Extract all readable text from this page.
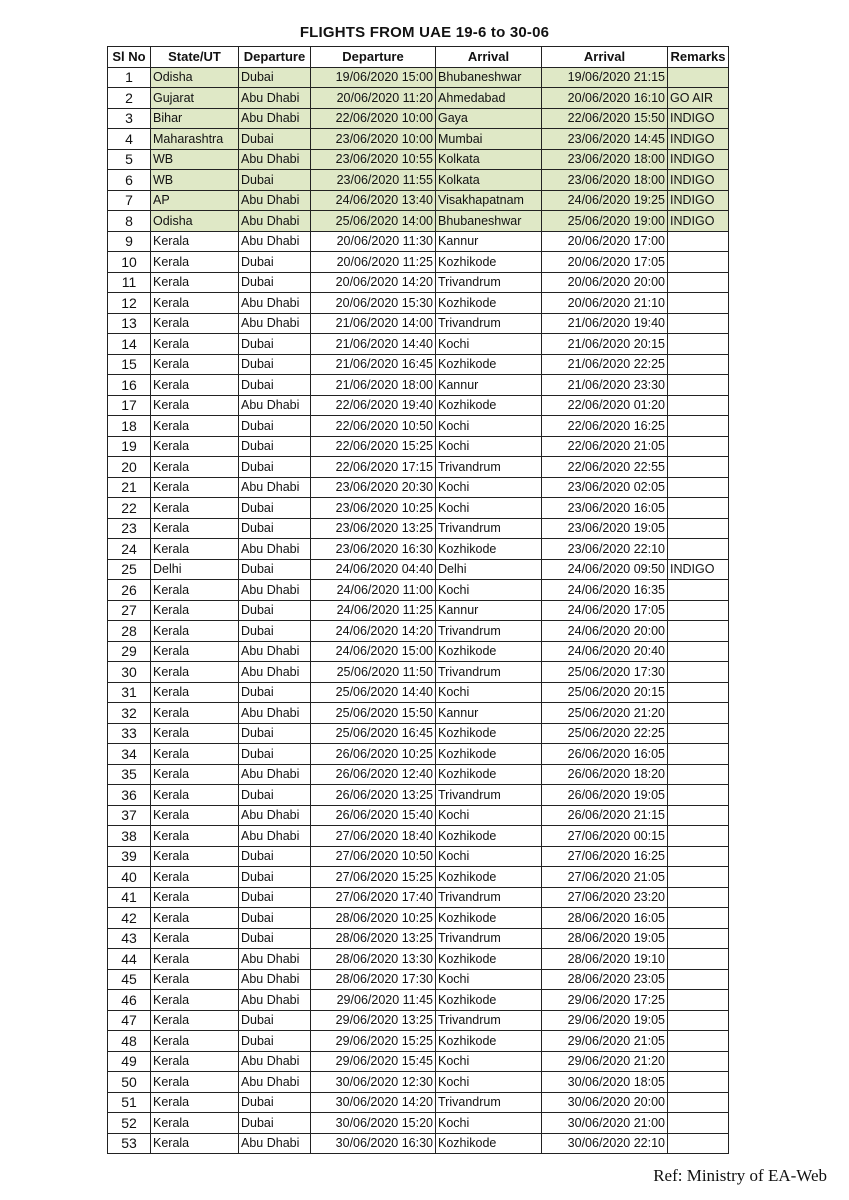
FLIGHTS FROM UAE 19-6 to 30-06
Sl No	State/UT	Departure	Departure	Arrival	Arrival	Remarks
1	Odisha	Dubai	19/06/2020 15:00	Bhubaneshwar	19/06/2020 21:15	
2	Gujarat	Abu Dhabi	20/06/2020 11:20	Ahmedabad	20/06/2020 16:10	GO AIR
3	Bihar	Abu Dhabi	22/06/2020 10:00	Gaya	22/06/2020 15:50	INDIGO
4	Maharashtra	Dubai	23/06/2020 10:00	Mumbai	23/06/2020 14:45	INDIGO
5	WB	Abu Dhabi	23/06/2020 10:55	Kolkata	23/06/2020 18:00	INDIGO
6	WB	Dubai	23/06/2020 11:55	Kolkata	23/06/2020 18:00	INDIGO
7	AP	Abu Dhabi	24/06/2020 13:40	Visakhapatnam	24/06/2020 19:25	INDIGO
8	Odisha	Abu Dhabi	25/06/2020 14:00	Bhubaneshwar	25/06/2020 19:00	INDIGO
9	Kerala	Abu Dhabi	20/06/2020 11:30	Kannur	20/06/2020 17:00	
10	Kerala	Dubai	20/06/2020 11:25	Kozhikode	20/06/2020 17:05	
11	Kerala	Dubai	20/06/2020 14:20	Trivandrum	20/06/2020 20:00	
12	Kerala	Abu Dhabi	20/06/2020 15:30	Kozhikode	20/06/2020 21:10	
13	Kerala	Abu Dhabi	21/06/2020 14:00	Trivandrum	21/06/2020 19:40	
14	Kerala	Dubai	21/06/2020 14:40	Kochi	21/06/2020 20:15	
15	Kerala	Dubai	21/06/2020 16:45	Kozhikode	21/06/2020 22:25	
16	Kerala	Dubai	21/06/2020 18:00	Kannur	21/06/2020 23:30	
17	Kerala	Abu Dhabi	22/06/2020 19:40	Kozhikode	22/06/2020 01:20	
18	Kerala	Dubai	22/06/2020 10:50	Kochi	22/06/2020 16:25	
19	Kerala	Dubai	22/06/2020 15:25	Kochi	22/06/2020 21:05	
20	Kerala	Dubai	22/06/2020 17:15	Trivandrum	22/06/2020 22:55	
21	Kerala	Abu Dhabi	23/06/2020 20:30	Kochi	23/06/2020 02:05	
22	Kerala	Dubai	23/06/2020 10:25	Kochi	23/06/2020 16:05	
23	Kerala	Dubai	23/06/2020 13:25	Trivandrum	23/06/2020 19:05	
24	Kerala	Abu Dhabi	23/06/2020 16:30	Kozhikode	23/06/2020 22:10	
25	Delhi	Dubai	24/06/2020 04:40	Delhi	24/06/2020 09:50	INDIGO
26	Kerala	Abu Dhabi	24/06/2020 11:00	Kochi	24/06/2020 16:35	
27	Kerala	Dubai	24/06/2020 11:25	Kannur	24/06/2020 17:05	
28	Kerala	Dubai	24/06/2020 14:20	Trivandrum	24/06/2020 20:00	
29	Kerala	Abu Dhabi	24/06/2020 15:00	Kozhikode	24/06/2020 20:40	
30	Kerala	Abu Dhabi	25/06/2020 11:50	Trivandrum	25/06/2020 17:30	
31	Kerala	Dubai	25/06/2020 14:40	Kochi	25/06/2020 20:15	
32	Kerala	Abu Dhabi	25/06/2020 15:50	Kannur	25/06/2020 21:20	
33	Kerala	Dubai	25/06/2020 16:45	Kozhikode	25/06/2020 22:25	
34	Kerala	Dubai	26/06/2020 10:25	Kozhikode	26/06/2020 16:05	
35	Kerala	Abu Dhabi	26/06/2020 12:40	Kozhikode	26/06/2020 18:20	
36	Kerala	Dubai	26/06/2020 13:25	Trivandrum	26/06/2020 19:05	
37	Kerala	Abu Dhabi	26/06/2020 15:40	Kochi	26/06/2020 21:15	
38	Kerala	Abu Dhabi	27/06/2020 18:40	Kozhikode	27/06/2020 00:15	
39	Kerala	Dubai	27/06/2020 10:50	Kochi	27/06/2020 16:25	
40	Kerala	Dubai	27/06/2020 15:25	Kozhikode	27/06/2020 21:05	
41	Kerala	Dubai	27/06/2020 17:40	Trivandrum	27/06/2020 23:20	
42	Kerala	Dubai	28/06/2020 10:25	Kozhikode	28/06/2020 16:05	
43	Kerala	Dubai	28/06/2020 13:25	Trivandrum	28/06/2020 19:05	
44	Kerala	Abu Dhabi	28/06/2020 13:30	Kozhikode	28/06/2020 19:10	
45	Kerala	Abu Dhabi	28/06/2020 17:30	Kochi	28/06/2020 23:05	
46	Kerala	Abu Dhabi	29/06/2020 11:45	Kozhikode	29/06/2020 17:25	
47	Kerala	Dubai	29/06/2020 13:25	Trivandrum	29/06/2020 19:05	
48	Kerala	Dubai	29/06/2020 15:25	Kozhikode	29/06/2020 21:05	
49	Kerala	Abu Dhabi	29/06/2020 15:45	Kochi	29/06/2020 21:20	
50	Kerala	Abu Dhabi	30/06/2020 12:30	Kochi	30/06/2020 18:05	
51	Kerala	Dubai	30/06/2020 14:20	Trivandrum	30/06/2020 20:00	
52	Kerala	Dubai	30/06/2020 15:20	Kochi	30/06/2020 21:00	
53	Kerala	Abu Dhabi	30/06/2020 16:30	Kozhikode	30/06/2020 22:10	
Ref: Ministry of EA-Web
